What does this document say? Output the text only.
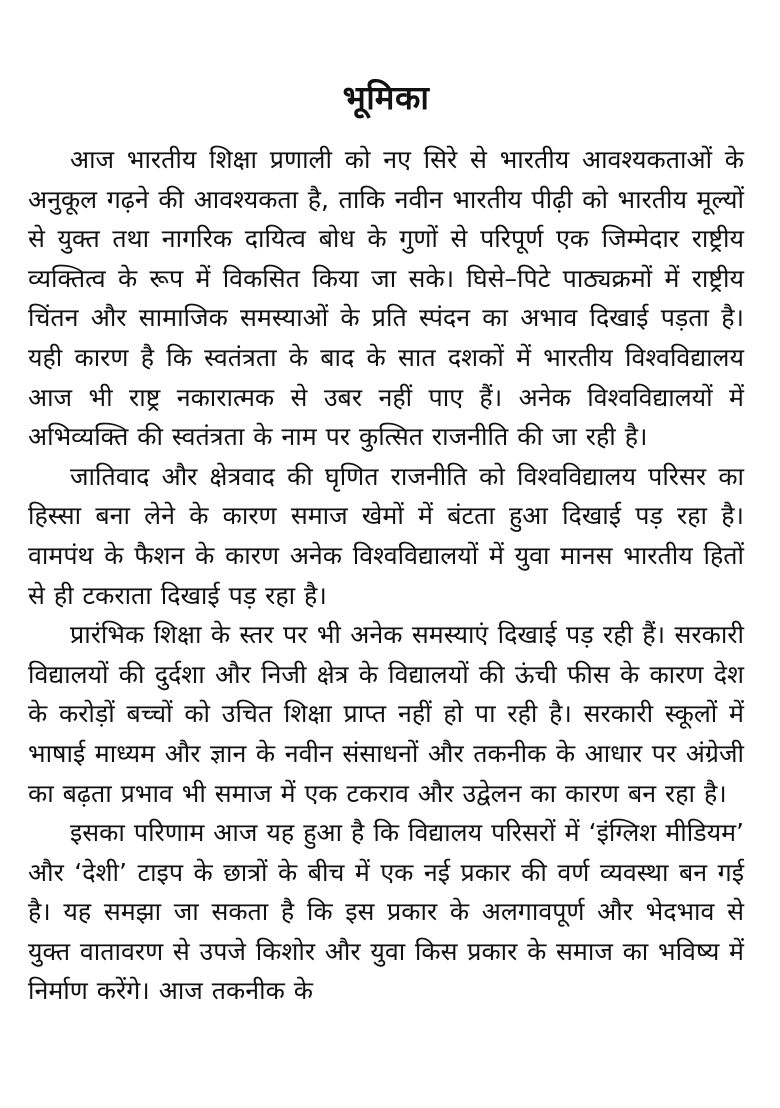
भूमिका

आज भारतीय शिक्षा प्रणाली को नए सिरे से भारतीय आवश्यकताओं के अनुकूल गढ़ने की आवश्यकता है, ताकि नवीन भारतीय पीढ़ी को भारतीय मूल्यों से युक्त तथा नागरिक दायित्व बोध के गुणों से परिपूर्ण एक जिम्मेदार राष्ट्रीय व्यक्तित्व के रूप में विकसित किया जा सके। घिसे–पिटे पाठ्यक्रमों में राष्ट्रीय चिंतन और सामाजिक समस्याओं के प्रति स्पंदन का अभाव दिखाई पड़ता है। यही कारण है कि स्वतंत्रता के बाद के सात दशकों में भारतीय विश्वविद्यालय आज भी राष्ट्र नकारात्मक से उबर नहीं पाए हैं। अनेक विश्वविद्यालयों में अभिव्यक्ति की स्वतंत्रता के नाम पर कुत्सित राजनीति की जा रही है।

जातिवाद और क्षेत्रवाद की घृणित राजनीति को विश्वविद्यालय परिसर का हिस्सा बना लेने के कारण समाज खेमों में बंटता हुआ दिखाई पड़ रहा है। वामपंथ के फैशन के कारण अनेक विश्वविद्यालयों में युवा मानस भारतीय हितों से ही टकराता दिखाई पड़ रहा है।

प्रारंभिक शिक्षा के स्तर पर भी अनेक समस्याएं दिखाई पड़ रही हैं। सरकारी विद्यालयों की दुर्दशा और निजी क्षेत्र के विद्यालयों की ऊंची फीस के कारण देश के करोड़ों बच्चों को उचित शिक्षा प्राप्त नहीं हो पा रही है। सरकारी स्कूलों में भाषाई माध्यम और ज्ञान के नवीन संसाधनों और तकनीक के आधार पर अंग्रेजी का बढ़ता प्रभाव भी समाज में एक टकराव और उद्वेलन का कारण बन रहा है।

इसका परिणाम आज यह हुआ है कि विद्यालय परिसरों में ‘इंग्लिश मीडियम’ और ‘देशी’ टाइप के छात्रों के बीच में एक नई प्रकार की वर्ण व्यवस्था बन गई है। यह समझा जा सकता है कि इस प्रकार के अलगावपूर्ण और भेदभाव से युक्त वातावरण से उपजे किशोर और युवा किस प्रकार के समाज का भविष्य में निर्माण करेंगे। आज तकनीक के
